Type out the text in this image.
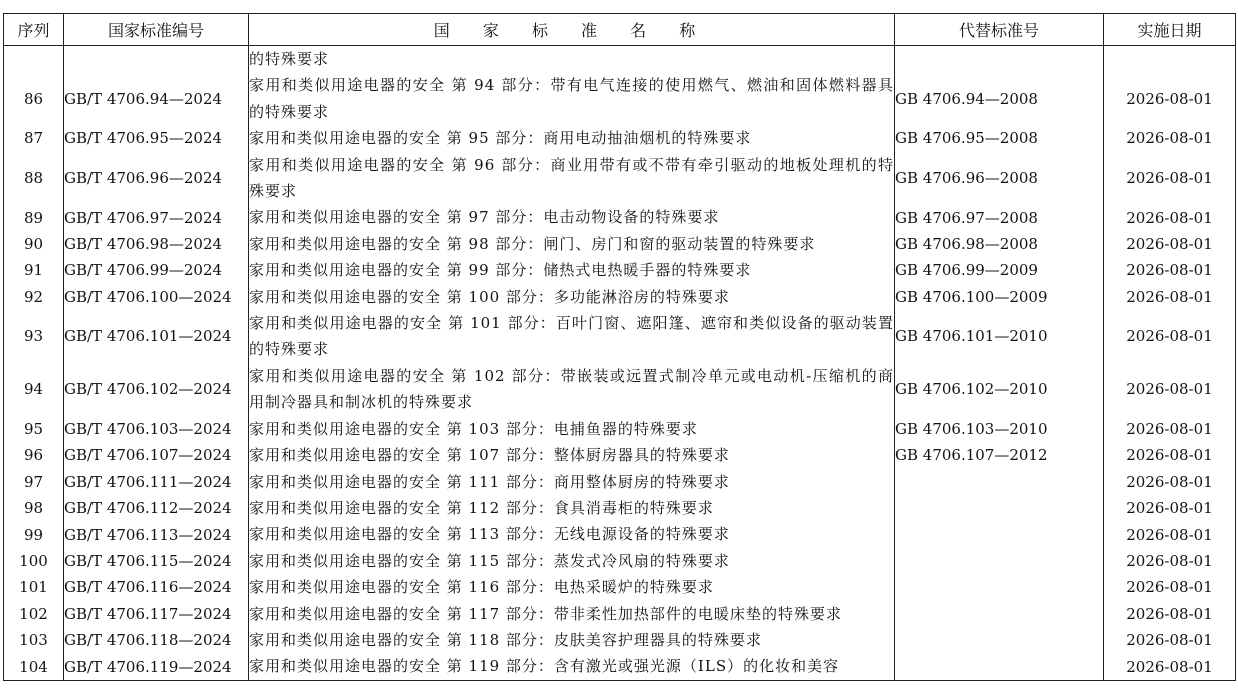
序列	国家标准编号	国 家 标 准 名 称	代替标准号	实施日期
		的特殊要求		
86	GB/T 4706.94—2024	家用和类似用途电器的安全 第 94 部分：带有电气连接的使用燃气、燃油和固体燃料器具的特殊要求	GB 4706.94—2008	2026-08-01
87	GB/T 4706.95—2024	家用和类似用途电器的安全 第 95 部分：商用电动抽油烟机的特殊要求	GB 4706.95—2008	2026-08-01
88	GB/T 4706.96—2024	家用和类似用途电器的安全 第 96 部分：商业用带有或不带有牵引驱动的地板处理机的特殊要求	GB 4706.96—2008	2026-08-01
89	GB/T 4706.97—2024	家用和类似用途电器的安全 第 97 部分：电击动物设备的特殊要求	GB 4706.97—2008	2026-08-01
90	GB/T 4706.98—2024	家用和类似用途电器的安全 第 98 部分：闸门、房门和窗的驱动装置的特殊要求	GB 4706.98—2008	2026-08-01
91	GB/T 4706.99—2024	家用和类似用途电器的安全 第 99 部分：储热式电热暖手器的特殊要求	GB 4706.99—2009	2026-08-01
92	GB/T 4706.100—2024	家用和类似用途电器的安全 第 100 部分：多功能淋浴房的特殊要求	GB 4706.100—2009	2026-08-01
93	GB/T 4706.101—2024	家用和类似用途电器的安全 第 101 部分：百叶门窗、遮阳篷、遮帘和类似设备的驱动装置的特殊要求	GB 4706.101—2010	2026-08-01
94	GB/T 4706.102—2024	家用和类似用途电器的安全 第 102 部分：带嵌装或远置式制冷单元或电动机-压缩机的商用制冷器具和制冰机的特殊要求	GB 4706.102—2010	2026-08-01
95	GB/T 4706.103—2024	家用和类似用途电器的安全 第 103 部分：电捕鱼器的特殊要求	GB 4706.103—2010	2026-08-01
96	GB/T 4706.107—2024	家用和类似用途电器的安全 第 107 部分：整体厨房器具的特殊要求	GB 4706.107—2012	2026-08-01
97	GB/T 4706.111—2024	家用和类似用途电器的安全 第 111 部分：商用整体厨房的特殊要求		2026-08-01
98	GB/T 4706.112—2024	家用和类似用途电器的安全 第 112 部分：食具消毒柜的特殊要求		2026-08-01
99	GB/T 4706.113—2024	家用和类似用途电器的安全 第 113 部分：无线电源设备的特殊要求		2026-08-01
100	GB/T 4706.115—2024	家用和类似用途电器的安全 第 115 部分：蒸发式冷风扇的特殊要求		2026-08-01
101	GB/T 4706.116—2024	家用和类似用途电器的安全 第 116 部分：电热采暖炉的特殊要求		2026-08-01
102	GB/T 4706.117—2024	家用和类似用途电器的安全 第 117 部分：带非柔性加热部件的电暖床垫的特殊要求		2026-08-01
103	GB/T 4706.118—2024	家用和类似用途电器的安全 第 118 部分：皮肤美容护理器具的特殊要求		2026-08-01
104	GB/T 4706.119—2024	家用和类似用途电器的安全 第 119 部分：含有激光或强光源（ILS）的化妆和美容		2026-08-01
